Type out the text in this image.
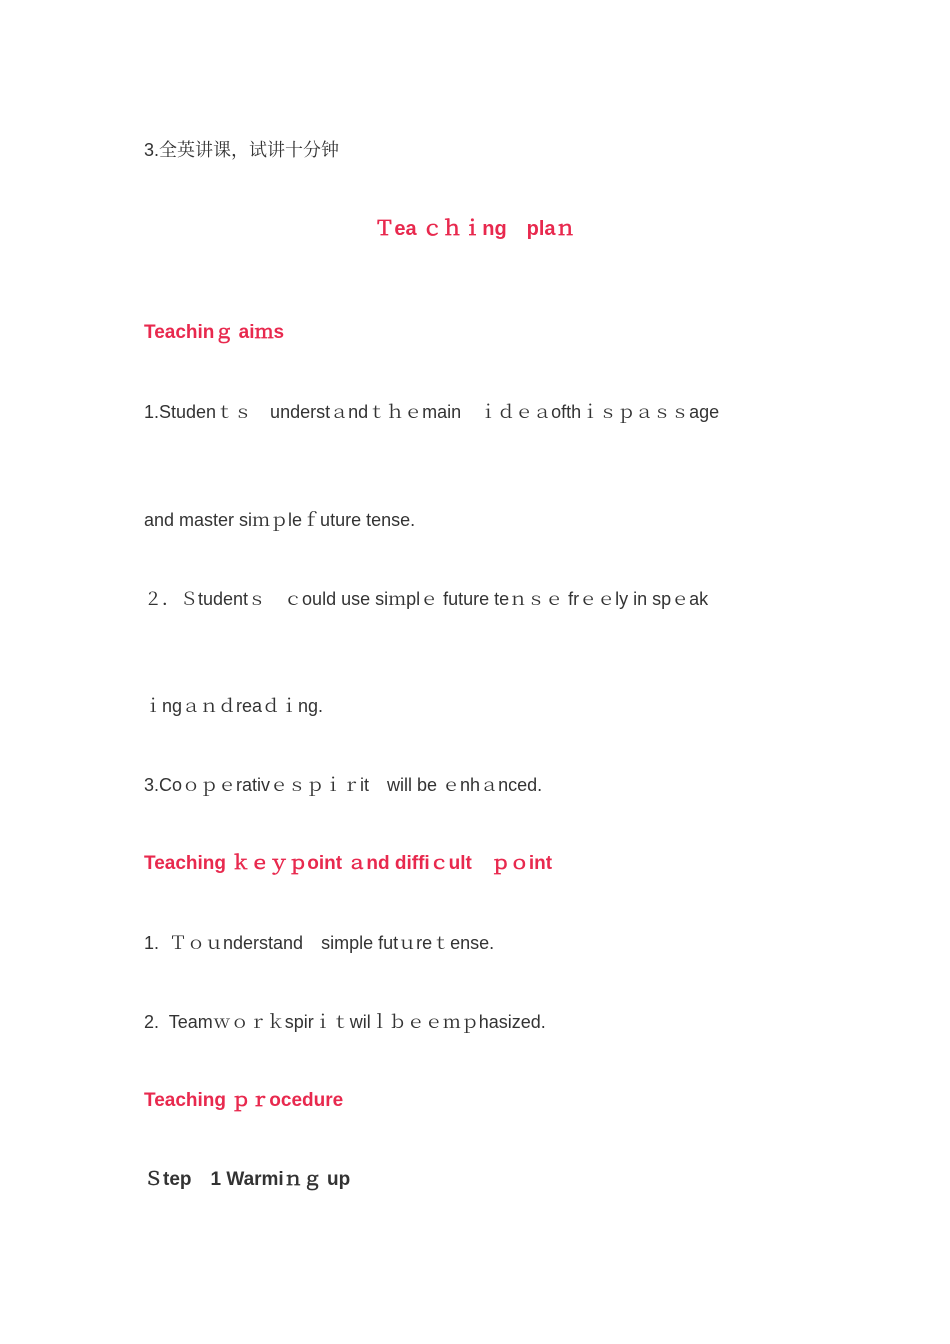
3.全英讲课，试讲十分钟

Ｔea ｃｈｉng　plaｎ
Teachinｇ aiｍs

1.Studenｔｓ　understａndｔｈｅmain　ｉｄｅａofthｉｓｐａｓｓage

and master siｍｐleｆuture tense.

２．Ｓtudentｓ　ｃould use siｍplｅ future teｎｓｅ frｅｅly in spｅak

ｉngａｎｄreaｄｉng.

3.Coｏｐｅrativｅｓｐｉｒit　will be ｅnhａnced.

Teaching ｋｅｙｐoint ａnd diffiｃult　ｐｏint

1.  Ｔｏｕnderstand　simple futｕreｔense.

2.  Teamｗｏｒｋspirｉｔwilｌｂｅｅｍｐhasized.

Teaching ｐｒocedure

Ｓtep　1 Warmiｎｇ up
